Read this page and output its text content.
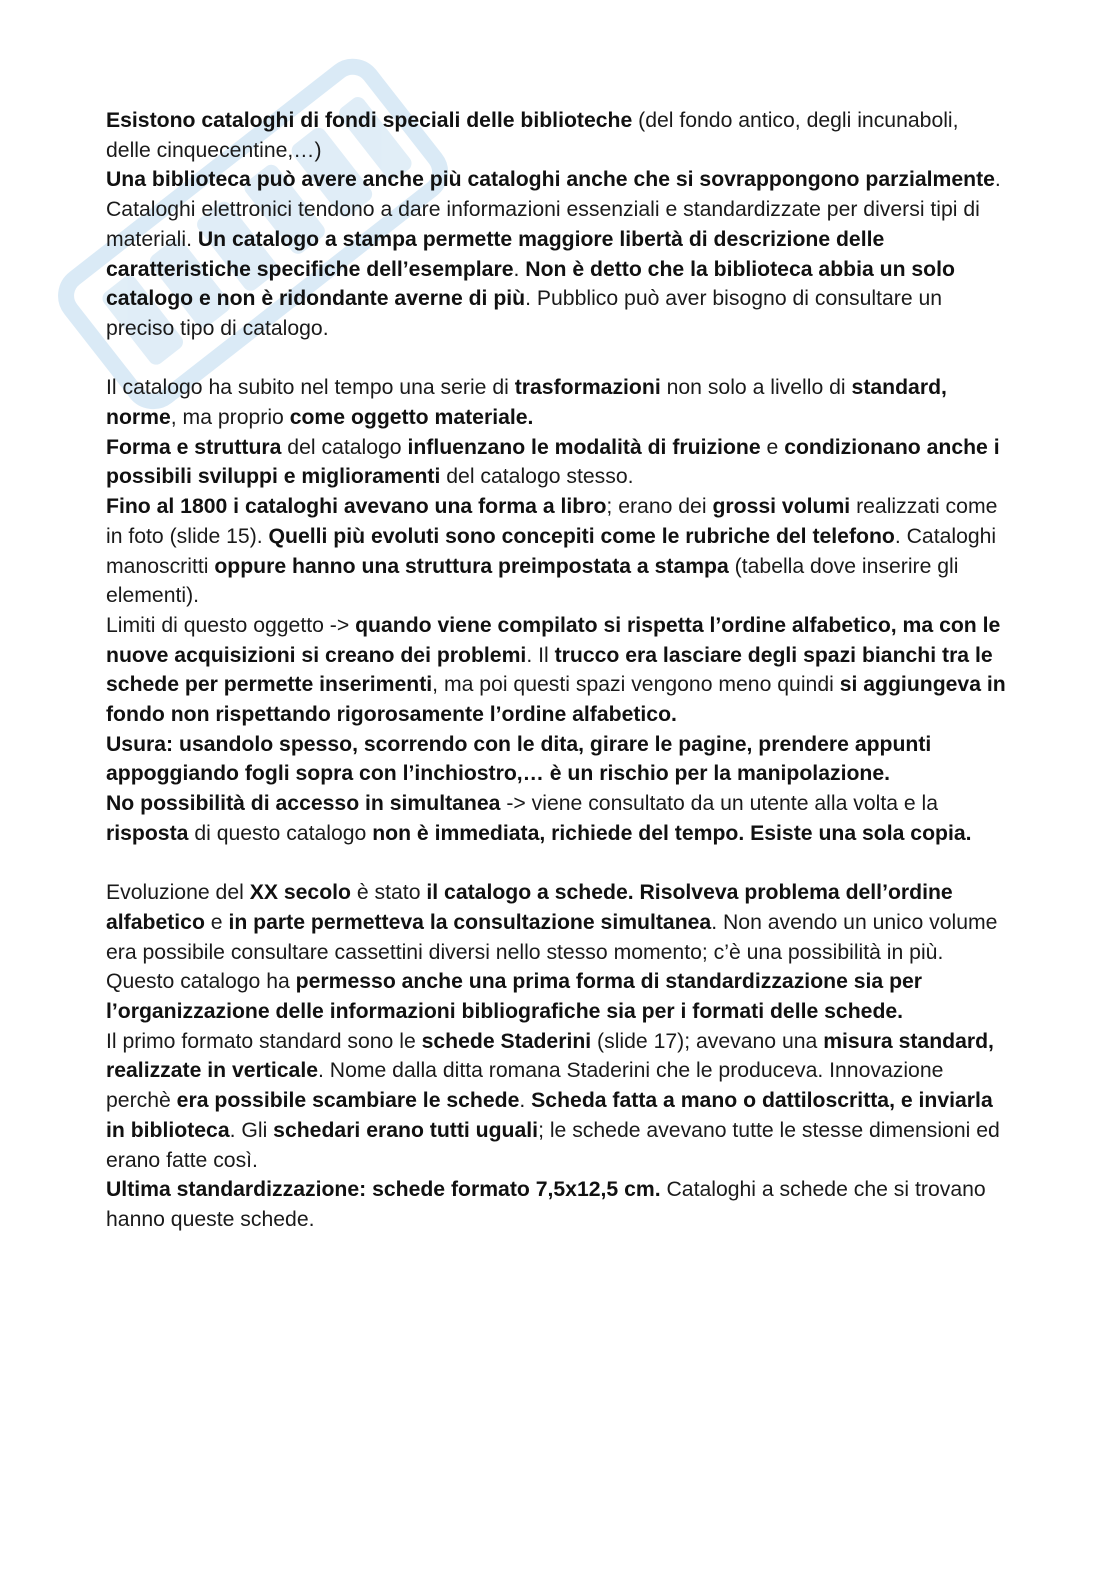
Esistono cataloghi di fondi speciali delle biblioteche (del fondo antico, degli incunaboli, delle cinquecentine,…)

Una biblioteca può avere anche più cataloghi anche che si sovrappongono parzialmente. Cataloghi elettronici tendono a dare informazioni essenziali e standardizzate per diversi tipi di materiali. Un catalogo a stampa permette maggiore libertà di descrizione delle caratteristiche specifiche dell’esemplare. Non è detto che la biblioteca abbia un solo catalogo e non è ridondante averne di più. Pubblico può aver bisogno di consultare un preciso tipo di catalogo.

Il catalogo ha subito nel tempo una serie di trasformazioni non solo a livello di standard, norme, ma proprio come oggetto materiale.

Forma e struttura del catalogo influenzano le modalità di fruizione e condizionano anche i possibili sviluppi e miglioramenti del catalogo stesso.

Fino al 1800 i cataloghi avevano una forma a libro; erano dei grossi volumi realizzati come in foto (slide 15). Quelli più evoluti sono concepiti come le rubriche del telefono. Cataloghi manoscritti oppure hanno una struttura preimpostata a stampa (tabella dove inserire gli elementi).

Limiti di questo oggetto -> quando viene compilato si rispetta l’ordine alfabetico, ma con le nuove acquisizioni si creano dei problemi. Il trucco era lasciare degli spazi bianchi tra le schede per permette inserimenti, ma poi questi spazi vengono meno quindi si aggiungeva in fondo non rispettando rigorosamente l’ordine alfabetico.

Usura: usandolo spesso, scorrendo con le dita, girare le pagine, prendere appunti appoggiando fogli sopra con l’inchiostro,… è un rischio per la manipolazione.

No possibilità di accesso in simultanea -> viene consultato da un utente alla volta e la risposta di questo catalogo non è immediata, richiede del tempo. Esiste una sola copia.

Evoluzione del XX secolo è stato il catalogo a schede. Risolveva problema dell’ordine alfabetico e in parte permetteva la consultazione simultanea. Non avendo un unico volume era possibile consultare cassettini diversi nello stesso momento; c’è una possibilità in più.

Questo catalogo ha permesso anche una prima forma di standardizzazione sia per l’organizzazione delle informazioni bibliografiche sia per i formati delle schede.

Il primo formato standard sono le schede Staderini (slide 17); avevano una misura standard, realizzate in verticale. Nome dalla ditta romana Staderini che le produceva. Innovazione perchè era possibile scambiare le schede. Scheda fatta a mano o dattiloscritta, e inviarla in biblioteca. Gli schedari erano tutti uguali; le schede avevano tutte le stesse dimensioni ed erano fatte così.

Ultima standardizzazione: schede formato 7,5x12,5 cm. Cataloghi a schede che si trovano hanno queste schede.
